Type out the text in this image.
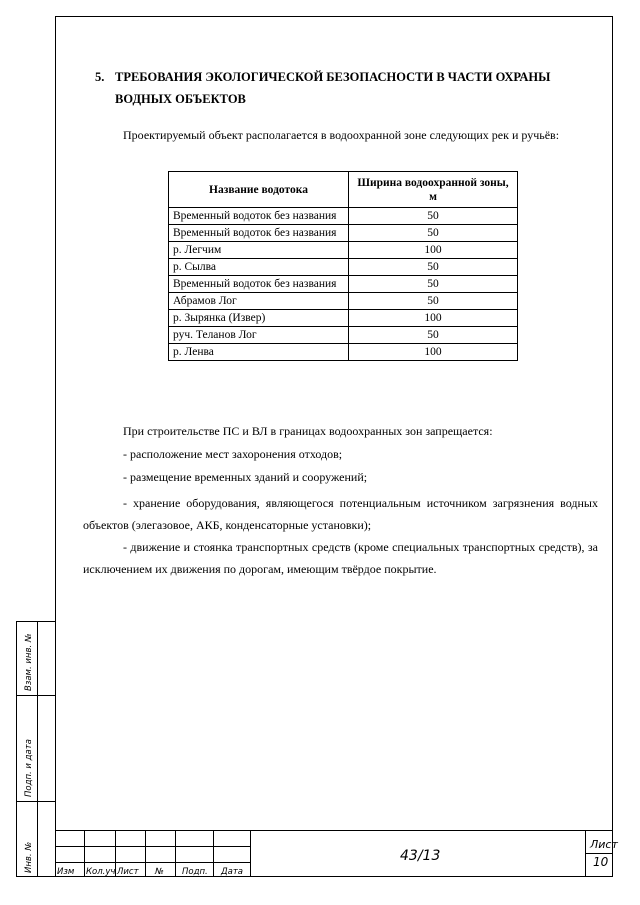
5. ТРЕБОВАНИЯ ЭКОЛОГИЧЕСКОЙ БЕЗОПАСНОСТИ В ЧАСТИ ОХРАНЫ
ВОДНЫХ ОБЪЕКТОВ

Проектируемый объект располагается в водоохранной зоне следующих рек и ручьёв:

Название водотока	Ширина водоохранной зоны, м
Временный водоток без названия	50
Временный водоток без названия	50
р. Легчим	100
р. Сылва	50
Временный водоток без названия	50
Абрамов Лог	50
р. Зырянка (Извер)	100
руч. Теланов Лог	50
р. Ленва	100

При строительстве ПС и ВЛ в границах водоохранных зон запрещается:

- расположение мест захоронения отходов;

- размещение временных зданий и сооружений;

- хранение оборудования, являющегося потенциальным источником загрязнения водных объектов (элегазовое, АКБ, конденсаторные установки);

- движение и стоянка транспортных средств (кроме специальных транспортных средств), за исключением их движения по дорогам, имеющим твёрдое покрытие.

Взам. инв. №
Подп. и дата
Инв. №	Изм Кол.уч Лист № Подп. Дата
43/13
Лист
10
